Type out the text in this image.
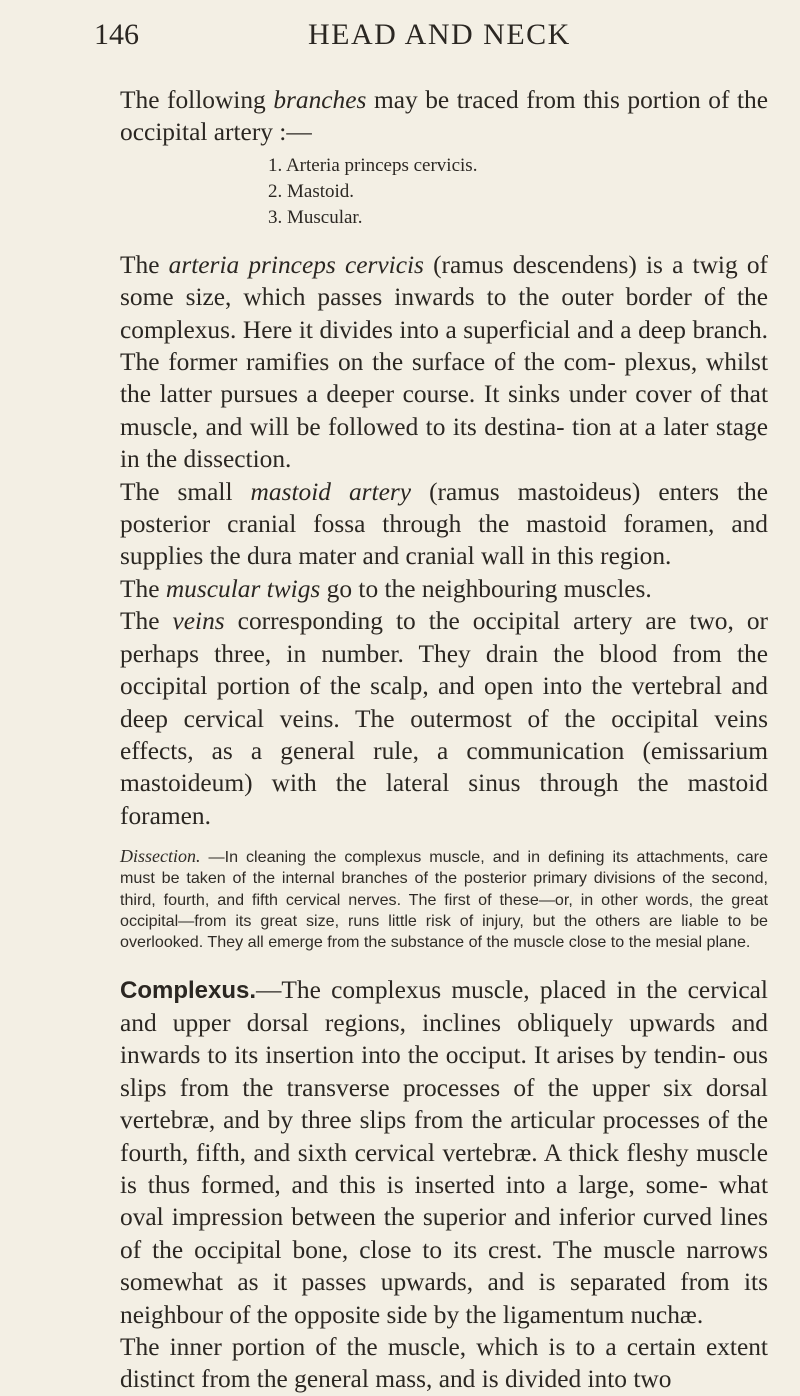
146	HEAD AND NECK

The following branches may be traced from this portion of the occipital artery :—

1. Arteria princeps cervicis.
2. Mastoid.
3. Muscular.

The arteria princeps cervicis (ramus descendens) is a twig of some size, which passes inwards to the outer border of the complexus. Here it divides into a superficial and a deep branch. The former ramifies on the surface of the com- plexus, whilst the latter pursues a deeper course. It sinks under cover of that muscle, and will be followed to its destina- tion at a later stage in the dissection.

The small mastoid artery (ramus mastoideus) enters the posterior cranial fossa through the mastoid foramen, and supplies the dura mater and cranial wall in this region.

The muscular twigs go to the neighbouring muscles.

The veins corresponding to the occipital artery are two, or perhaps three, in number. They drain the blood from the occipital portion of the scalp, and open into the vertebral and deep cervical veins. The outermost of the occipital veins effects, as a general rule, a communication (emissarium mastoideum) with the lateral sinus through the mastoid foramen.

Dissection. —In cleaning the complexus muscle, and in defining its attachments, care must be taken of the internal branches of the posterior primary divisions of the second, third, fourth, and fifth cervical nerves. The first of these—or, in other words, the great occipital—from its great size, runs little risk of injury, but the others are liable to be overlooked. They all emerge from the substance of the muscle close to the mesial plane.

Complexus.—The complexus muscle, placed in the cervical and upper dorsal regions, inclines obliquely upwards and inwards to its insertion into the occiput. It arises by tendin- ous slips from the transverse processes of the upper six dorsal vertebræ, and by three slips from the articular processes of the fourth, fifth, and sixth cervical vertebræ. A thick fleshy muscle is thus formed, and this is inserted into a large, some- what oval impression between the superior and inferior curved lines of the occipital bone, close to its crest. The muscle narrows somewhat as it passes upwards, and is separated from its neighbour of the opposite side by the ligamentum nuchæ.

The inner portion of the muscle, which is to a certain extent distinct from the general mass, and is divided into two
